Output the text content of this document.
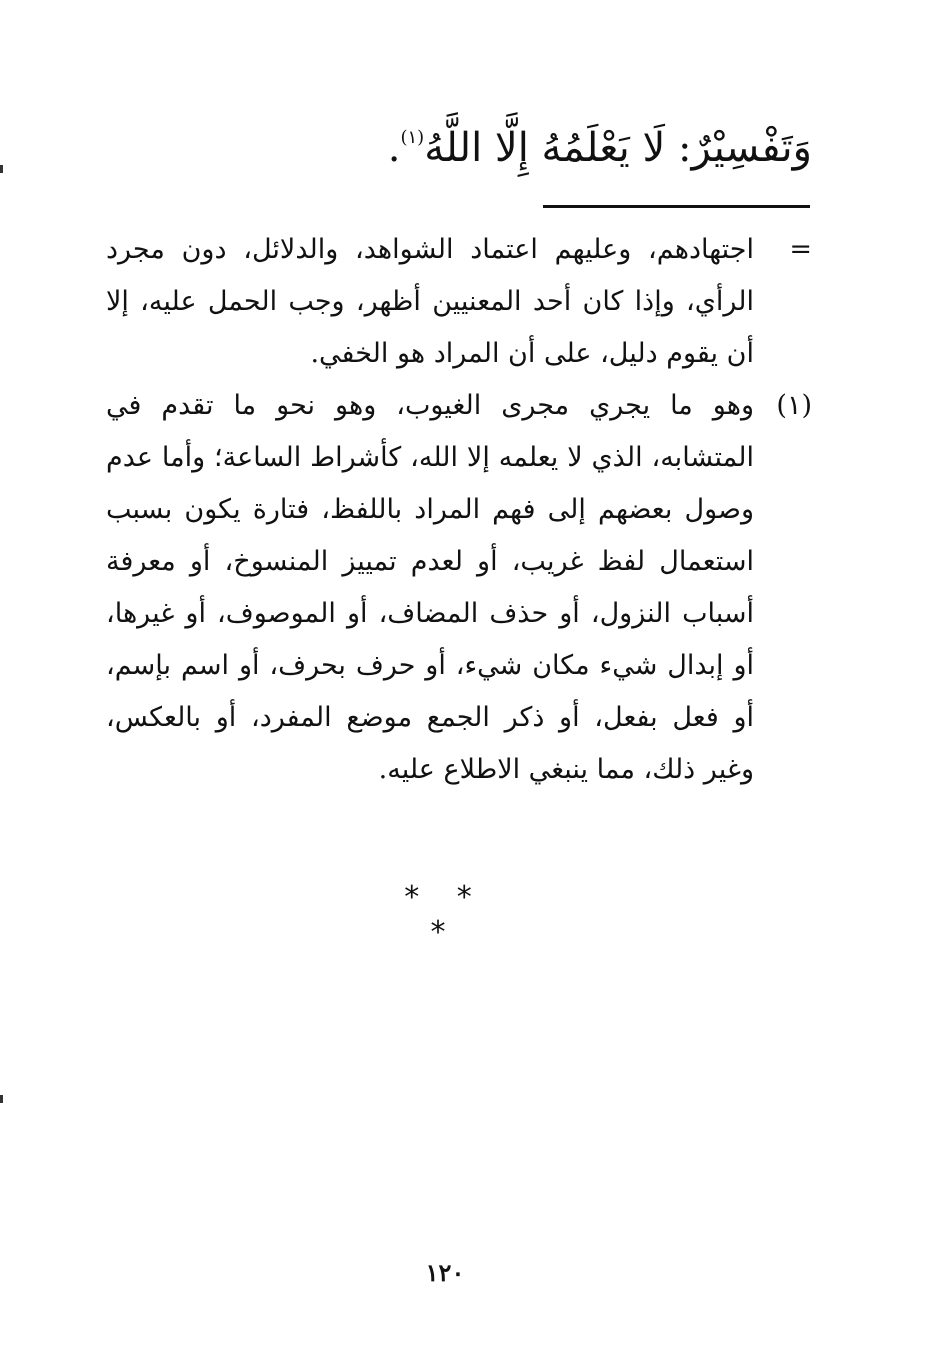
وَتَفْسِيْرٌ: لَا يَعْلَمُهُ إِلَّا اللَّهُ$^{(١)}$.
=
اجتهادهم، وعليهم اعتماد الشواهد، والدلائل، دون مجرد الرأي، وإذا كان أحد المعنيين أظهر، وجب الحمل عليه، إلا أن يقوم دليل، على أن المراد هو الخفي.
(١)
وهو ما يجري مجرى الغيوب، وهو نحو ما تقدم في المتشابه، الذي لا يعلمه إلا الله، كأشراط الساعة؛ وأما عدم وصول بعضهم إلى فهم المراد باللفظ، فتارة يكون بسبب استعمال لفظ غريب، أو لعدم تمييز المنسوخ، أو معرفة أسباب النزول، أو حذف المضاف، أو الموصوف، أو غيرها، أو إبدال شيء مكان شيء، أو حرف بحرف، أو اسم بإسم، أو فعل بفعل، أو ذكر الجمع موضع المفرد، أو بالعكس، وغير ذلك، مما ينبغي الاطلاع عليه.
* * *
١٢٠
